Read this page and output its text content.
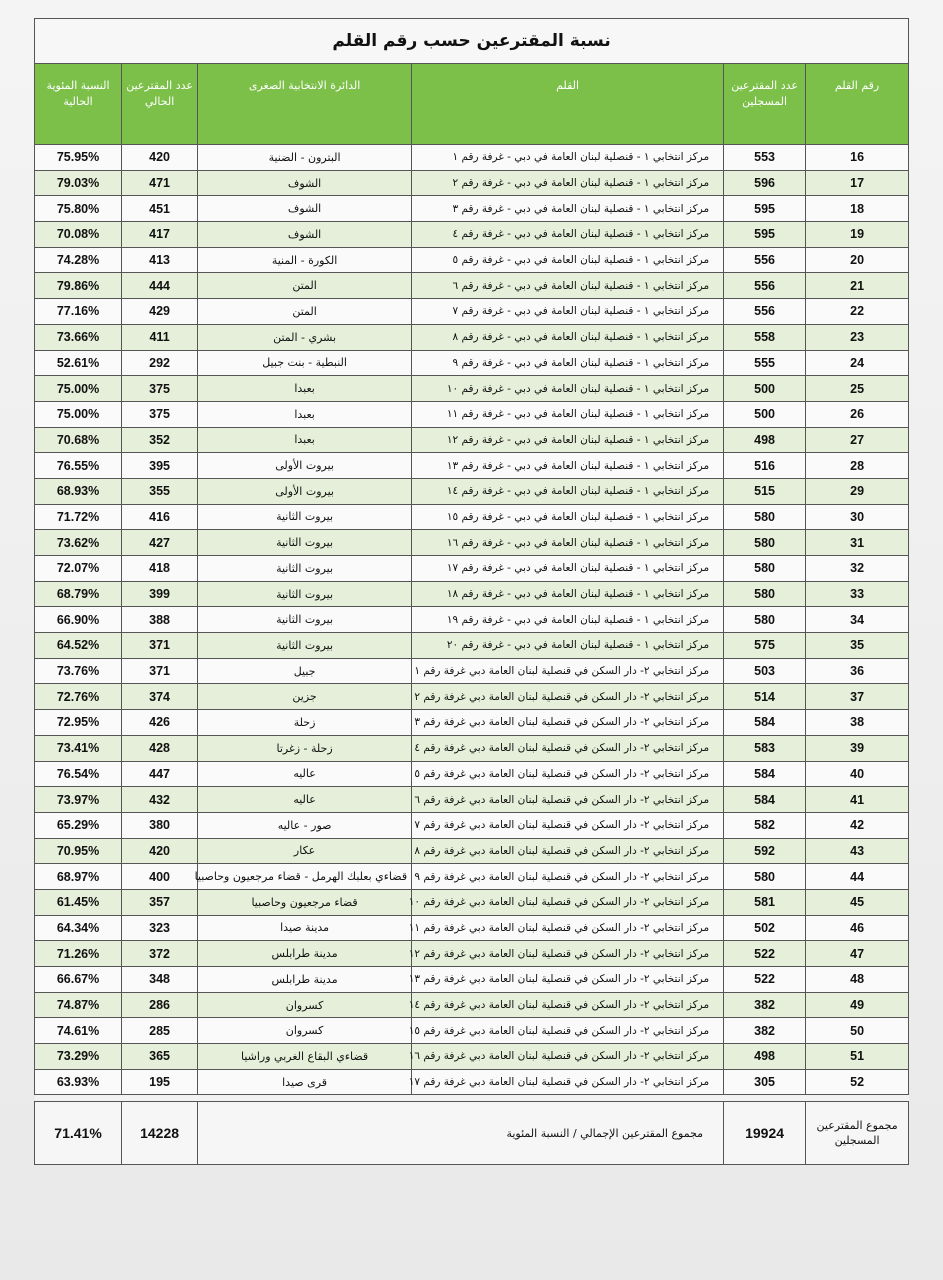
نسبة المقترعين حسب رقم القلم					
رقم القلم	عدد المقترعين المسجلين	القلم	الدائرة الانتخابية الصغرى	عدد المقترعين الحالي	النسبة المئوية الحالية
16	553	مركز انتخابي ١ - قنصلية لبنان العامة في دبي - غرفة رقم ١	البترون - الضنية	420	75.95%
17	596	مركز انتخابي ١ - قنصلية لبنان العامة في دبي - غرفة رقم ٢	الشوف	471	79.03%
18	595	مركز انتخابي ١ - قنصلية لبنان العامة في دبي - غرفة رقم ٣	الشوف	451	75.80%
19	595	مركز انتخابي ١ - قنصلية لبنان العامة في دبي - غرفة رقم ٤	الشوف	417	70.08%
20	556	مركز انتخابي ١ - قنصلية لبنان العامة في دبي - غرفة رقم ٥	الكورة - المنية	413	74.28%
21	556	مركز انتخابي ١ - قنصلية لبنان العامة في دبي - غرفة رقم ٦	المتن	444	79.86%
22	556	مركز انتخابي ١ - قنصلية لبنان العامة في دبي - غرفة رقم ٧	المتن	429	77.16%
23	558	مركز انتخابي ١ - قنصلية لبنان العامة في دبي - غرفة رقم ٨	بشري - المتن	411	73.66%
24	555	مركز انتخابي ١ - قنصلية لبنان العامة في دبي - غرفة رقم ٩	النبطية - بنت جبيل	292	52.61%
25	500	مركز انتخابي ١ - قنصلية لبنان العامة في دبي - غرفة رقم ١٠	بعبدا	375	75.00%
26	500	مركز انتخابي ١ - قنصلية لبنان العامة في دبي - غرفة رقم ١١	بعبدا	375	75.00%
27	498	مركز انتخابي ١ - قنصلية لبنان العامة في دبي - غرفة رقم ١٢	بعبدا	352	70.68%
28	516	مركز انتخابي ١ - قنصلية لبنان العامة في دبي - غرفة رقم ١٣	بيروت الأولى	395	76.55%
29	515	مركز انتخابي ١ - قنصلية لبنان العامة في دبي - غرفة رقم ١٤	بيروت الأولى	355	68.93%
30	580	مركز انتخابي ١ - قنصلية لبنان العامة في دبي - غرفة رقم ١٥	بيروت الثانية	416	71.72%
31	580	مركز انتخابي ١ - قنصلية لبنان العامة في دبي - غرفة رقم ١٦	بيروت الثانية	427	73.62%
32	580	مركز انتخابي ١ - قنصلية لبنان العامة في دبي - غرفة رقم ١٧	بيروت الثانية	418	72.07%
33	580	مركز انتخابي ١ - قنصلية لبنان العامة في دبي - غرفة رقم ١٨	بيروت الثانية	399	68.79%
34	580	مركز انتخابي ١ - قنصلية لبنان العامة في دبي - غرفة رقم ١٩	بيروت الثانية	388	66.90%
35	575	مركز انتخابي ١ - قنصلية لبنان العامة في دبي - غرفة رقم ٢٠	بيروت الثانية	371	64.52%
36	503	مركز انتخابي ٢- دار السكن في قنصلية لبنان العامة دبي غرفة رقم ١	جبيل	371	73.76%
37	514	مركز انتخابي ٢- دار السكن في قنصلية لبنان العامة دبي غرفة رقم ٢	جزين	374	72.76%
38	584	مركز انتخابي ٢- دار السكن في قنصلية لبنان العامة دبي غرفة رقم ٣	زحلة	426	72.95%
39	583	مركز انتخابي ٢- دار السكن في قنصلية لبنان العامة دبي غرفة رقم ٤	زحلة - زغرتا	428	73.41%
40	584	مركز انتخابي ٢- دار السكن في قنصلية لبنان العامة دبي غرفة رقم ٥	عاليه	447	76.54%
41	584	مركز انتخابي ٢- دار السكن في قنصلية لبنان العامة دبي غرفة رقم ٦	عاليه	432	73.97%
42	582	مركز انتخابي ٢- دار السكن في قنصلية لبنان العامة دبي غرفة رقم ٧	صور - عاليه	380	65.29%
43	592	مركز انتخابي ٢- دار السكن في قنصلية لبنان العامة دبي غرفة رقم ٨	عكار	420	70.95%
44	580	مركز انتخابي ٢- دار السكن في قنصلية لبنان العامة دبي غرفة رقم ٩	قضاءي بعلبك الهرمل - قضاء مرجعيون وحاصبيا	400	68.97%
45	581	مركز انتخابي ٢- دار السكن في قنصلية لبنان العامة دبي غرفة رقم ١٠	قضاء مرجعيون وحاصبيا	357	61.45%
46	502	مركز انتخابي ٢- دار السكن في قنصلية لبنان العامة دبي غرفة رقم ١١	مدينة صيدا	323	64.34%
47	522	مركز انتخابي ٢- دار السكن في قنصلية لبنان العامة دبي غرفة رقم ١٢	مدينة طرابلس	372	71.26%
48	522	مركز انتخابي ٢- دار السكن في قنصلية لبنان العامة دبي غرفة رقم ١٣	مدينة طرابلس	348	66.67%
49	382	مركز انتخابي ٢- دار السكن في قنصلية لبنان العامة دبي غرفة رقم ١٤	كسروان	286	74.87%
50	382	مركز انتخابي ٢- دار السكن في قنصلية لبنان العامة دبي غرفة رقم ١٥	كسروان	285	74.61%
51	498	مركز انتخابي ٢- دار السكن في قنصلية لبنان العامة دبي غرفة رقم ١٦	قضاءي البقاع الغربي وراشيا	365	73.29%
52	305	مركز انتخابي ٢- دار السكن في قنصلية لبنان العامة دبي غرفة رقم ١٧	قرى صيدا	195	63.93%

مجموع المقترعين المسجلين	19924	مجموع المقترعين الإجمالي / النسبة المئوية		14228	71.41%
